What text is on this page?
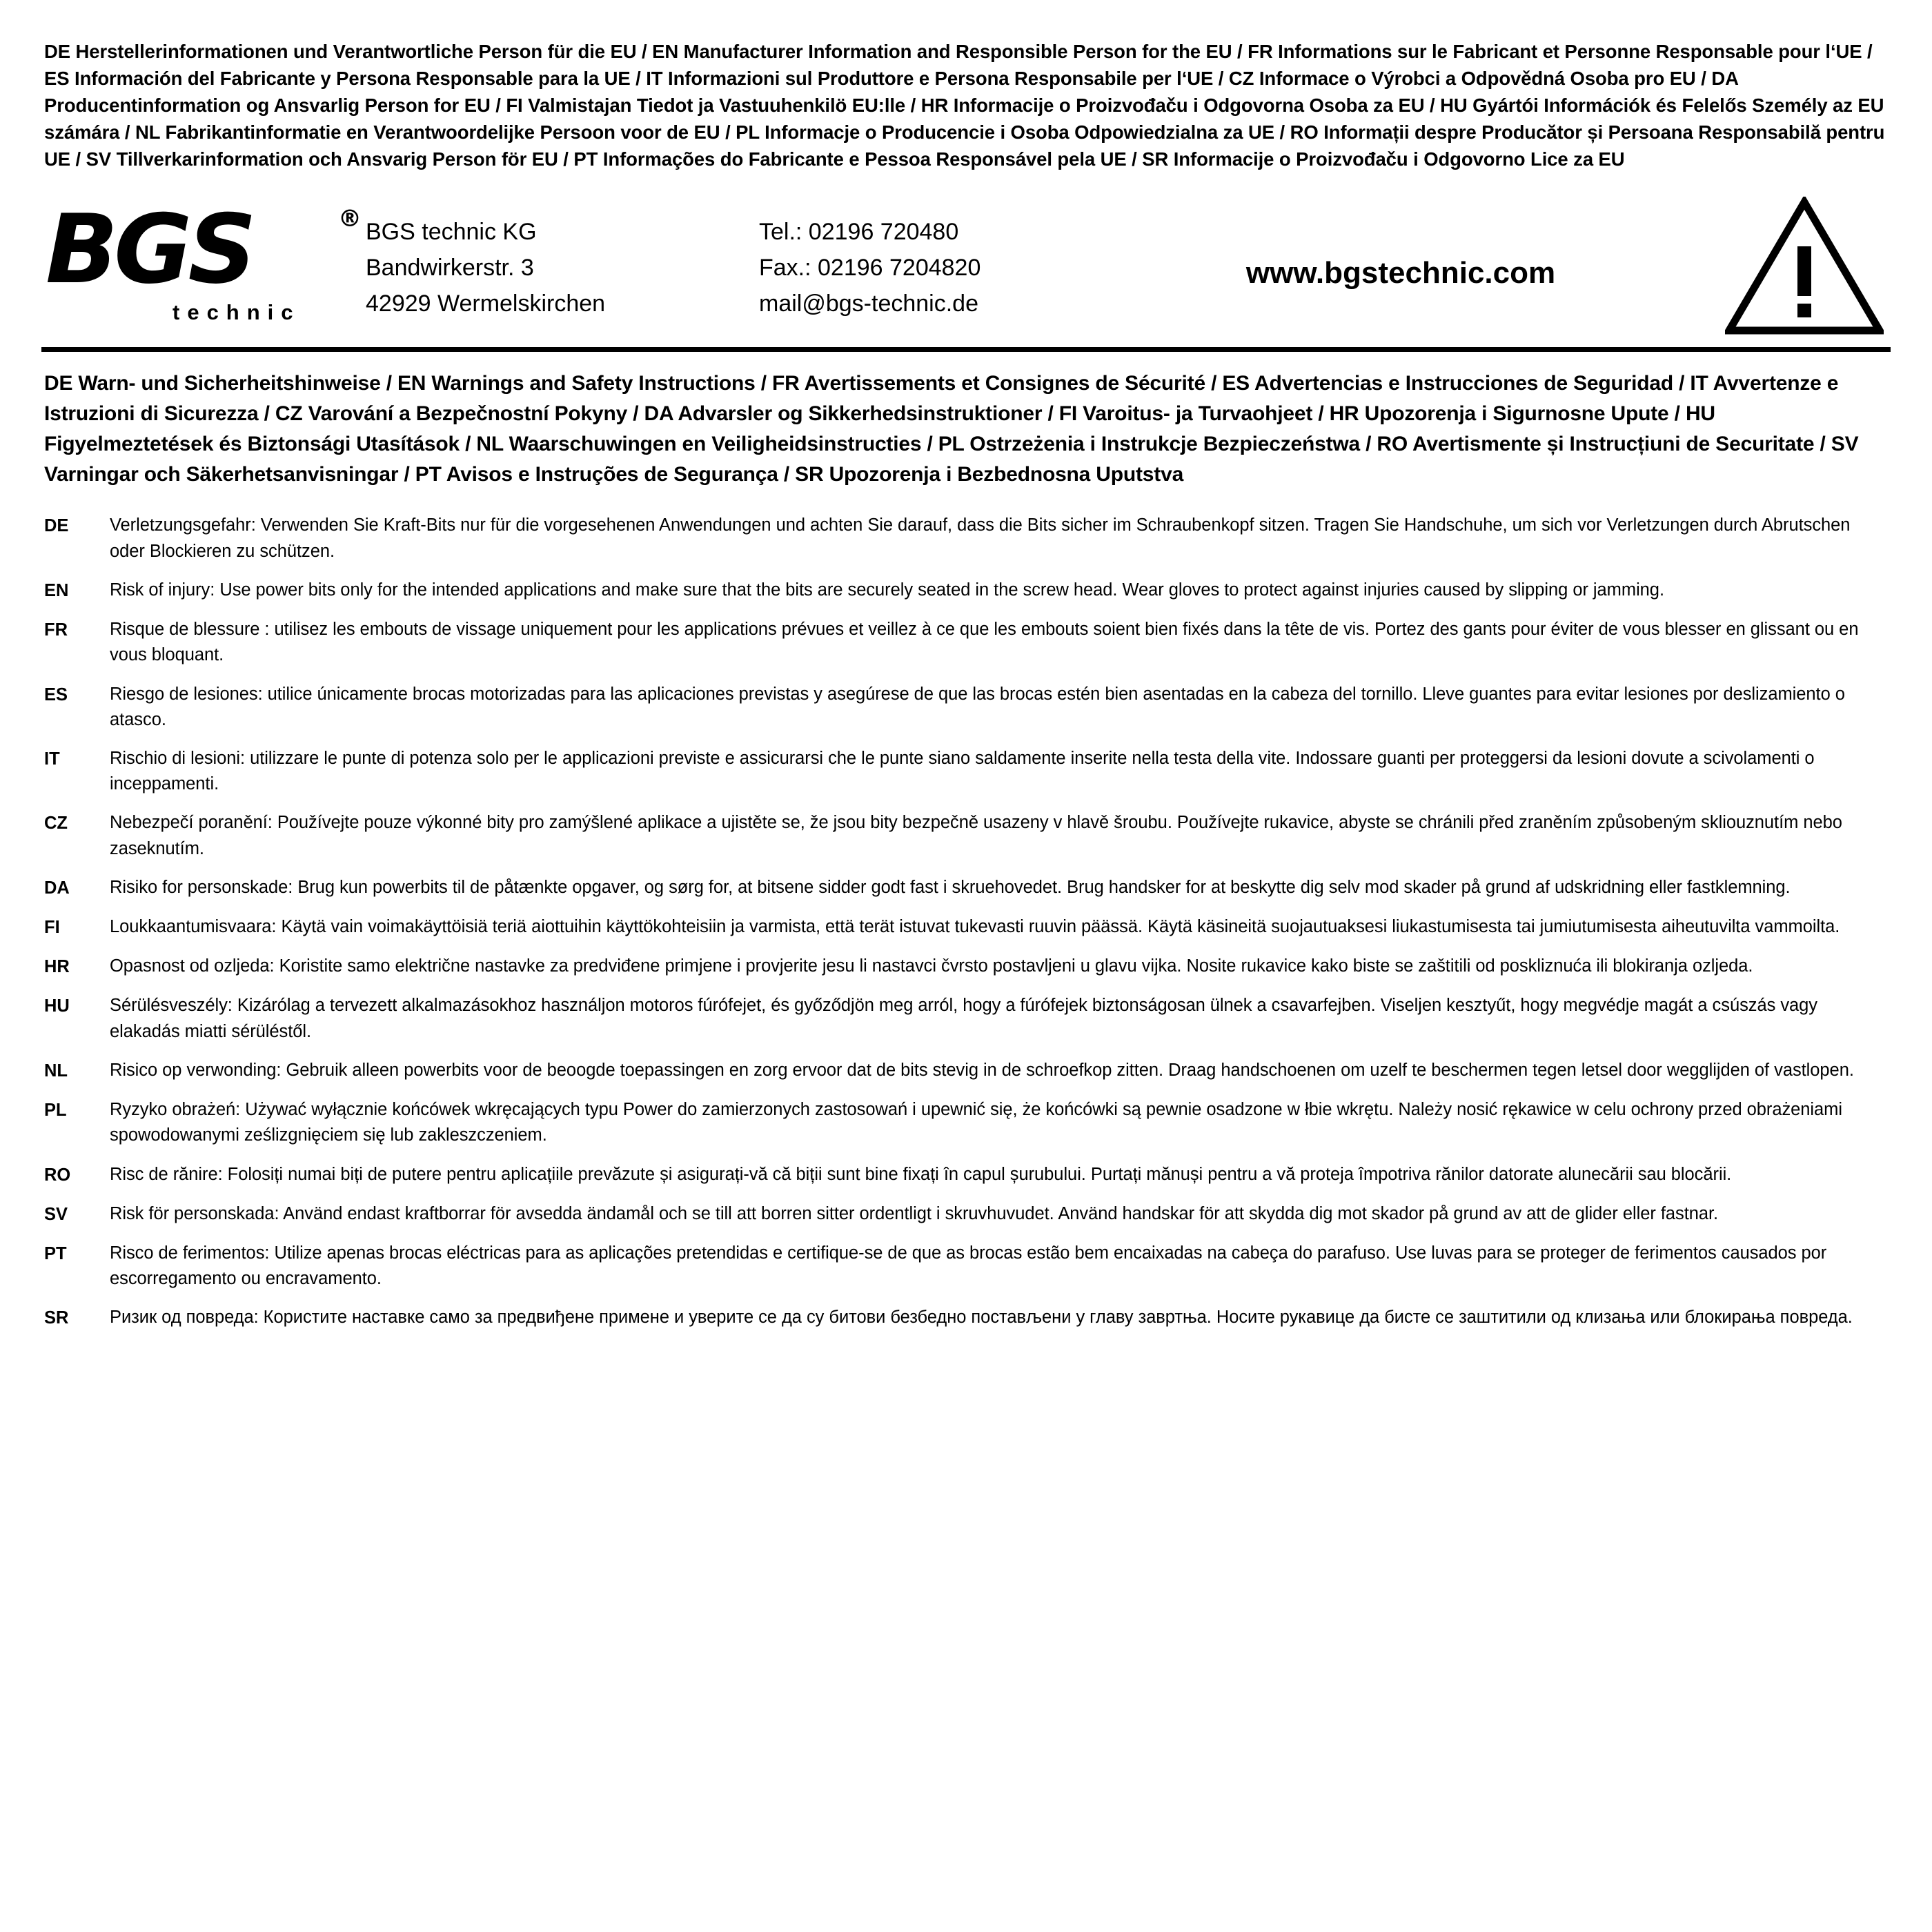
DE Herstellerinformationen und Verantwortliche Person für die EU / EN Manufacturer Information and Responsible Person for the EU / FR Informations sur le Fabricant et Personne Responsable pour l‘UE / ES Información del Fabricante y Persona Responsable para la UE / IT Informazioni sul Produttore e Persona Responsabile per l‘UE / CZ Informace o Výrobci a Odpovědná Osoba pro EU / DA Producentinformation og Ansvarlig Person for EU / FI Valmistajan Tiedot ja Vastuuhenkilö EU:lle / HR Informacije o Proizvođaču i Odgovorna Osoba za EU / HU Gyártói Információk és Felelős Személy az EU számára / NL Fabrikantinformatie en Verantwoordelijke Persoon voor de EU / PL Informacje o Producencie i Osoba Odpowiedzialna za UE / RO Informații despre Producător și Persoana Responsabilă pentru UE / SV Tillverkarinformation och Ansvarig Person för EU / PT Informações do Fabricante e Pessoa Responsável pela UE / SR Informacije o Proizvođaču i Odgovorno Lice za EU
BGS	®
technic
BGS technic KG
Bandwirkerstr. 3
42929 Wermelskirchen
Tel.: 02196 720480
Fax.: 02196 7204820
mail@bgs-technic.de
www.bgstechnic.com
DE Warn- und Sicherheitshinweise / EN Warnings and Safety Instructions / FR Avertissements et Consignes de Sécurité / ES Advertencias e Instrucciones de Seguridad / IT Avvertenze e Istruzioni di Sicurezza / CZ Varování a Bezpečnostní Pokyny / DA Advarsler og Sikkerhedsinstruktioner / FI Varoitus- ja Turvaohjeet / HR Upozorenja i Sigurnosne Upute / HU Figyelmeztetések és Biztonsági Utasítások / NL Waarschuwingen en Veiligheidsinstructies / PL Ostrzeżenia i Instrukcje Bezpieczeństwa / RO Avertismente și Instrucțiuni de Securitate / SV Varningar och Säkerhetsanvisningar / PT Avisos e Instruções de Segurança / SR Upozorenja i Bezbednosna Uputstva
DE	Verletzungsgefahr: Verwenden Sie Kraft-Bits nur für die vorgesehenen Anwendungen und achten Sie darauf, dass die Bits sicher im Schraubenkopf sitzen. Tragen Sie Handschuhe, um sich vor Verletzungen durch Abrutschen oder Blockieren zu schützen.
EN	Risk of injury: Use power bits only for the intended applications and make sure that the bits are securely seated in the screw head. Wear gloves to protect against injuries caused by slipping or jamming.
FR	Risque de blessure : utilisez les embouts de vissage uniquement pour les applications prévues et veillez à ce que les embouts soient bien fixés dans la tête de vis. Portez des gants pour éviter de vous blesser en glissant ou en vous bloquant.
ES	Riesgo de lesiones: utilice únicamente brocas motorizadas para las aplicaciones previstas y asegúrese de que las brocas estén bien asentadas en la cabeza del tornillo. Lleve guantes para evitar lesiones por deslizamiento o atasco.
IT	Rischio di lesioni: utilizzare le punte di potenza solo per le applicazioni previste e assicurarsi che le punte siano saldamente inserite nella testa della vite. Indossare guanti per proteggersi da lesioni dovute a scivolamenti o inceppamenti.
CZ	Nebezpečí poranění: Používejte pouze výkonné bity pro zamýšlené aplikace a ujistěte se, že jsou bity bezpečně usazeny v hlavě šroubu. Používejte rukavice, abyste se chránili před zraněním způsobeným skliouznutím nebo zaseknutím.
DA	Risiko for personskade: Brug kun powerbits til de påtænkte opgaver, og sørg for, at bitsene sidder godt fast i skruehovedet. Brug handsker for at beskytte dig selv mod skader på grund af udskridning eller fastklemning.
FI	Loukkaantumisvaara: Käytä vain voimakäyttöisiä teriä aiottuihin käyttökohteisiin ja varmista, että terät istuvat tukevasti ruuvin päässä. Käytä käsineitä suojautuaksesi liukastumisesta tai jumiutumisesta aiheutuvilta vammoilta.
HR	Opasnost od ozljeda: Koristite samo električne nastavke za predviđene primjene i provjerite jesu li nastavci čvrsto postavljeni u glavu vijka. Nosite rukavice kako biste se zaštitili od poskliznuća ili blokiranja ozljeda.
HU	Sérülésveszély: Kizárólag a tervezett alkalmazásokhoz használjon motoros fúrófejet, és győződjön meg arról, hogy a fúrófejek biztonságosan ülnek a csavarfejben. Viseljen kesztyűt, hogy megvédje magát a csúszás vagy elakadás miatti sérüléstől.
NL	Risico op verwonding: Gebruik alleen powerbits voor de beoogde toepassingen en zorg ervoor dat de bits stevig in de schroefkop zitten. Draag handschoenen om uzelf te beschermen tegen letsel door wegglijden of vastlopen.
PL	Ryzyko obrażeń: Używać wyłącznie końcówek wkręcających typu Power do zamierzonych zastosowań i upewnić się, że końcówki są pewnie osadzone w łbie wkrętu. Należy nosić rękawice w celu ochrony przed obrażeniami spowodowanymi ześlizgnięciem się lub zakleszczeniem.
RO	Risc de rănire: Folosiți numai biți de putere pentru aplicațiile prevăzute și asigurați-vă că biții sunt bine fixați în capul șurubului. Purtați mănuși pentru a vă proteja împotriva rănilor datorate alunecării sau blocării.
SV	Risk för personskada: Använd endast kraftborrar för avsedda ändamål och se till att borren sitter ordentligt i skruvhuvudet. Använd handskar för att skydda dig mot skador på grund av att de glider eller fastnar.
PT	Risco de ferimentos: Utilize apenas brocas eléctricas para as aplicações pretendidas e certifique-se de que as brocas estão bem encaixadas na cabeça do parafuso. Use luvas para se proteger de ferimentos causados por escorregamento ou encravamento.
SR	Ризик од повреда: Користите наставке само за предвиђене примене и уверите се да су битови безбедно постављени у главу завртња. Носите рукавице да бисте се заштитили од клизања или блокирања повреда.
